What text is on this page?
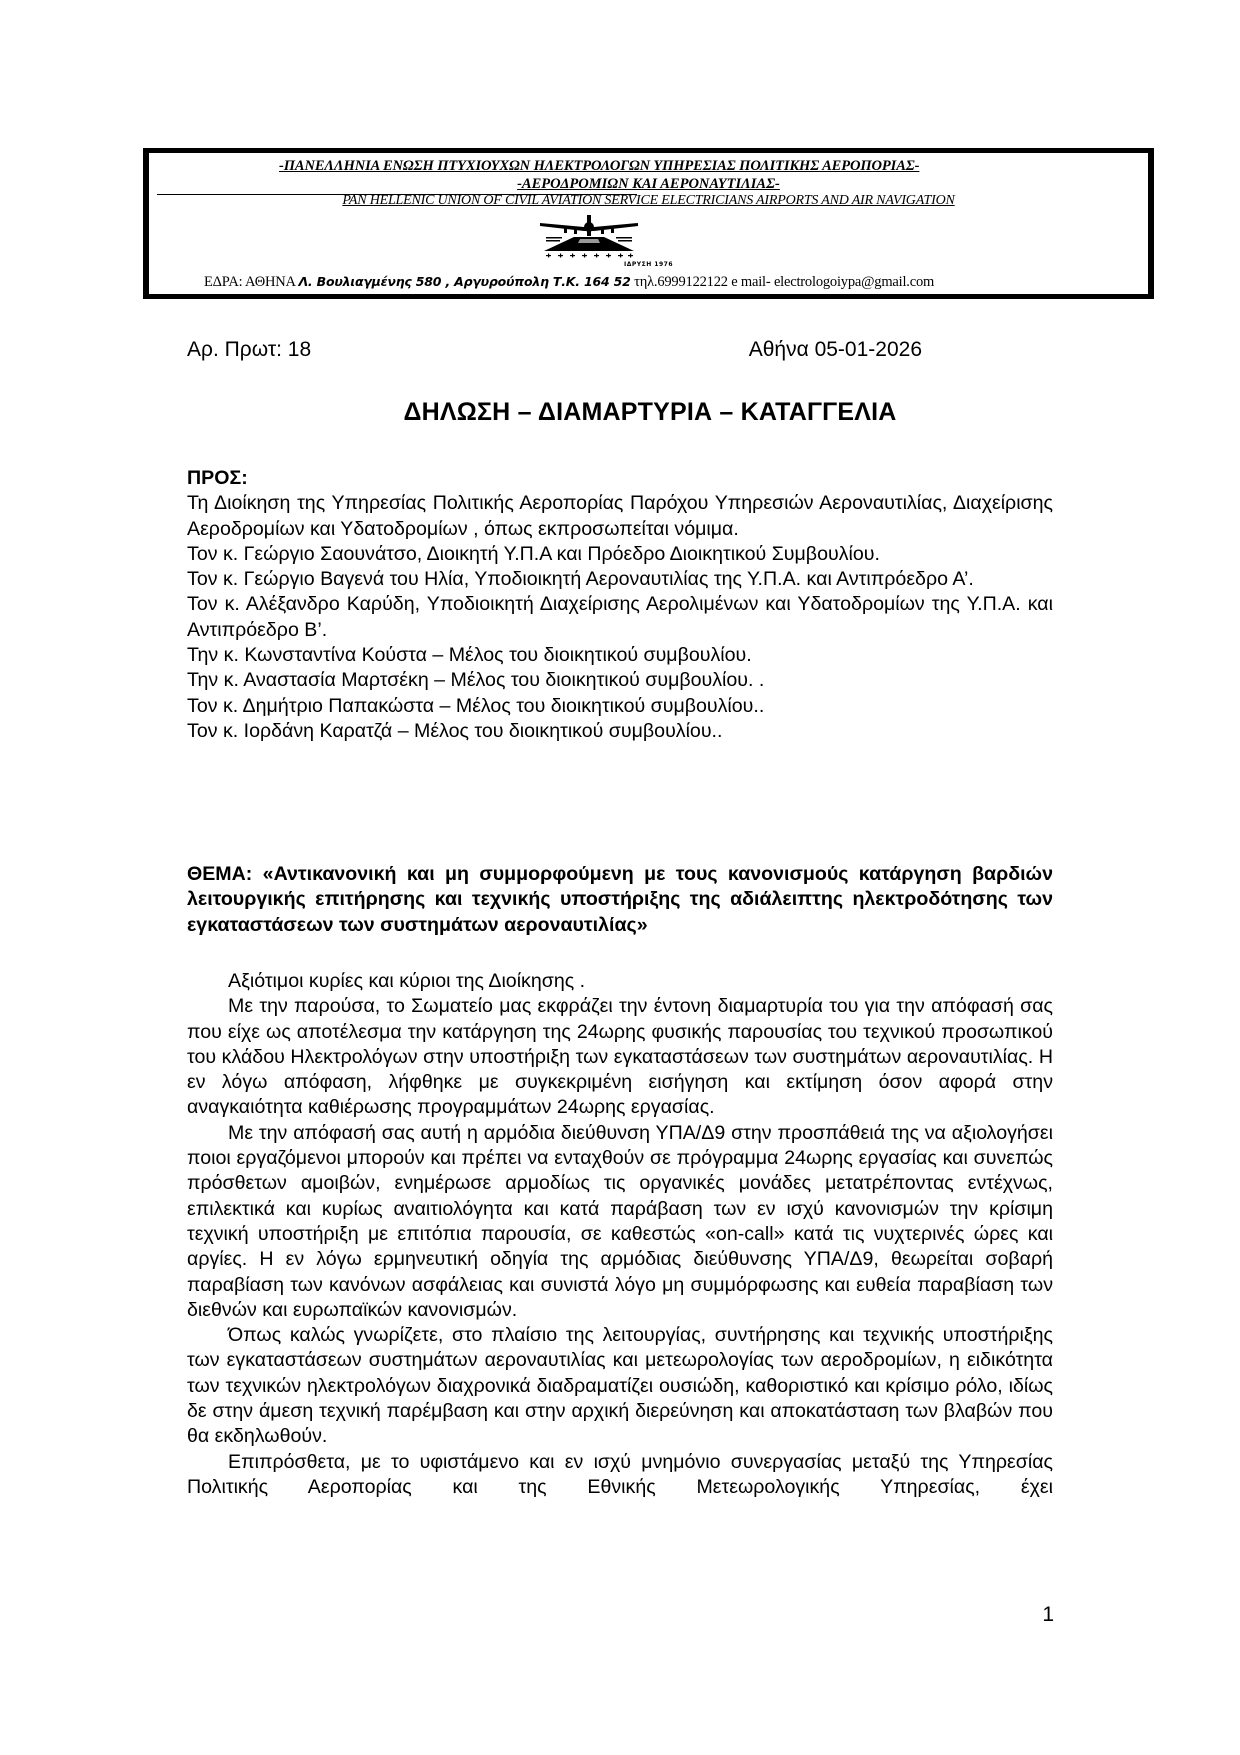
-ΠΑΝΕΛΛΗΝΙΑ ΕΝΩΣΗ ΠΤΥΧΙΟΥΧΩΝ ΗΛΕΚΤΡΟΛΟΓΩΝ ΥΠΗΡΕΣΙΑΣ ΠΟΛΙΤΙΚΗΣ ΑΕΡΟΠΟΡΙΑΣ-
-ΑΕΡΟΔΡΟΜΙΩΝ ΚΑΙ ΑΕΡΟΝΑΥΤΙΛΙΑΣ-
PAN HELLENIC UNION OF CIVIL AVIATION SERVICE ELECTRICIANS AIRPORTS AND AIR NAVIGATION
ΙΔΡΥΣΗ 1976
ΕΔΡΑ: ΑΘΗΝΑ Λ. Βουλιαγμένης 580 , Αργυρούπολη Τ.Κ. 164 52 τηλ.6999122122 e mail- electrologoiypa@gmail.com
Αρ. Πρωτ: 18	Αθήνα 05-01-2026
ΔΗΛΩΣΗ – ΔΙΑΜΑΡΤΥΡΙΑ – ΚΑΤΑΓΓΕΛΙΑ
ΠΡΟΣ:

Τη Διοίκηση της Υπηρεσίας Πολιτικής Αεροπορίας Παρόχου Υπηρεσιών Αεροναυτιλίας, Διαχείρισης Αεροδρομίων και Υδατοδρομίων , όπως εκπροσωπείται νόμιμα.

Τον κ. Γεώργιο Σαουνάτσο, Διοικητή Υ.Π.Α και Πρόεδρο Διοικητικού Συμβουλίου.

Τον κ. Γεώργιο Βαγενά του Ηλία, Υποδιοικητή Αεροναυτιλίας της Υ.Π.Α. και Αντιπρόεδρο Α’.

Τον κ. Αλέξανδρο Καρύδη, Υποδιοικητή Διαχείρισης Αερολιμένων και Υδατοδρομίων της Υ.Π.Α. και Αντιπρόεδρο Β’.

Την κ. Κωνσταντίνα Κούστα – Μέλος του διοικητικού συμβουλίου.

Την κ. Αναστασία Μαρτσέκη – Μέλος του διοικητικού συμβουλίου. .

Τον κ. Δημήτριο Παπακώστα – Μέλος του διοικητικού συμβουλίου..

Τον κ. Ιορδάνη Καρατζά – Μέλος του διοικητικού συμβουλίου..

ΘΕΜΑ: «Αντικανονική και μη συμμορφούμενη με τους κανονισμούς κατάργηση βαρδιών λειτουργικής επιτήρησης και τεχνικής υποστήριξης της αδιάλειπτης ηλεκτροδότησης των εγκαταστάσεων των συστημάτων αεροναυτιλίας»

Αξιότιμοι κυρίες και κύριοι της Διοίκησης .

Με την παρούσα, το Σωματείο μας εκφράζει την έντονη διαμαρτυρία του για την απόφασή σας που είχε ως αποτέλεσμα την κατάργηση της 24ωρης φυσικής παρουσίας του τεχνικού προσωπικού του κλάδου Ηλεκτρολόγων στην υποστήριξη των εγκαταστάσεων των συστημάτων αεροναυτιλίας. Η εν λόγω απόφαση, λήφθηκε με συγκεκριμένη εισήγηση και εκτίμηση όσον αφορά στην αναγκαιότητα καθιέρωσης προγραμμάτων 24ωρης εργασίας.

Με την απόφασή σας αυτή η αρμόδια διεύθυνση ΥΠΑ/Δ9 στην προσπάθειά της να αξιολογήσει ποιοι εργαζόμενοι μπορούν και πρέπει να ενταχθούν σε πρόγραμμα 24ωρης εργασίας και συνεπώς πρόσθετων αμοιβών, ενημέρωσε αρμοδίως τις οργανικές μονάδες μετατρέποντας εντέχνως, επιλεκτικά και κυρίως αναιτιολόγητα και κατά παράβαση των εν ισχύ κανονισμών την κρίσιμη τεχνική υποστήριξη με επιτόπια παρουσία, σε καθεστώς «on-call» κατά τις νυχτερινές ώρες και αργίες. Η εν λόγω ερμηνευτική οδηγία της αρμόδιας διεύθυνσης ΥΠΑ/Δ9, θεωρείται σοβαρή παραβίαση των κανόνων ασφάλειας και συνιστά λόγο μη συμμόρφωσης και ευθεία παραβίαση των διεθνών και ευρωπαϊκών κανονισμών.

Όπως καλώς γνωρίζετε, στο πλαίσιο της λειτουργίας, συντήρησης και τεχνικής υποστήριξης των εγκαταστάσεων συστημάτων αεροναυτιλίας και μετεωρολογίας των αεροδρομίων, η ειδικότητα των τεχνικών ηλεκτρολόγων διαχρονικά διαδραματίζει ουσιώδη, καθοριστικό και κρίσιμο ρόλο, ιδίως δε στην άμεση τεχνική παρέμβαση και στην αρχική διερεύνηση και αποκατάσταση των βλαβών που θα εκδηλωθούν.

Επιπρόσθετα, με το υφιστάμενο και εν ισχύ μνημόνιο συνεργασίας μεταξύ της Υπηρεσίας Πολιτικής Αεροπορίας και της Εθνικής Μετεωρολογικής Υπηρεσίας, έχει

1
